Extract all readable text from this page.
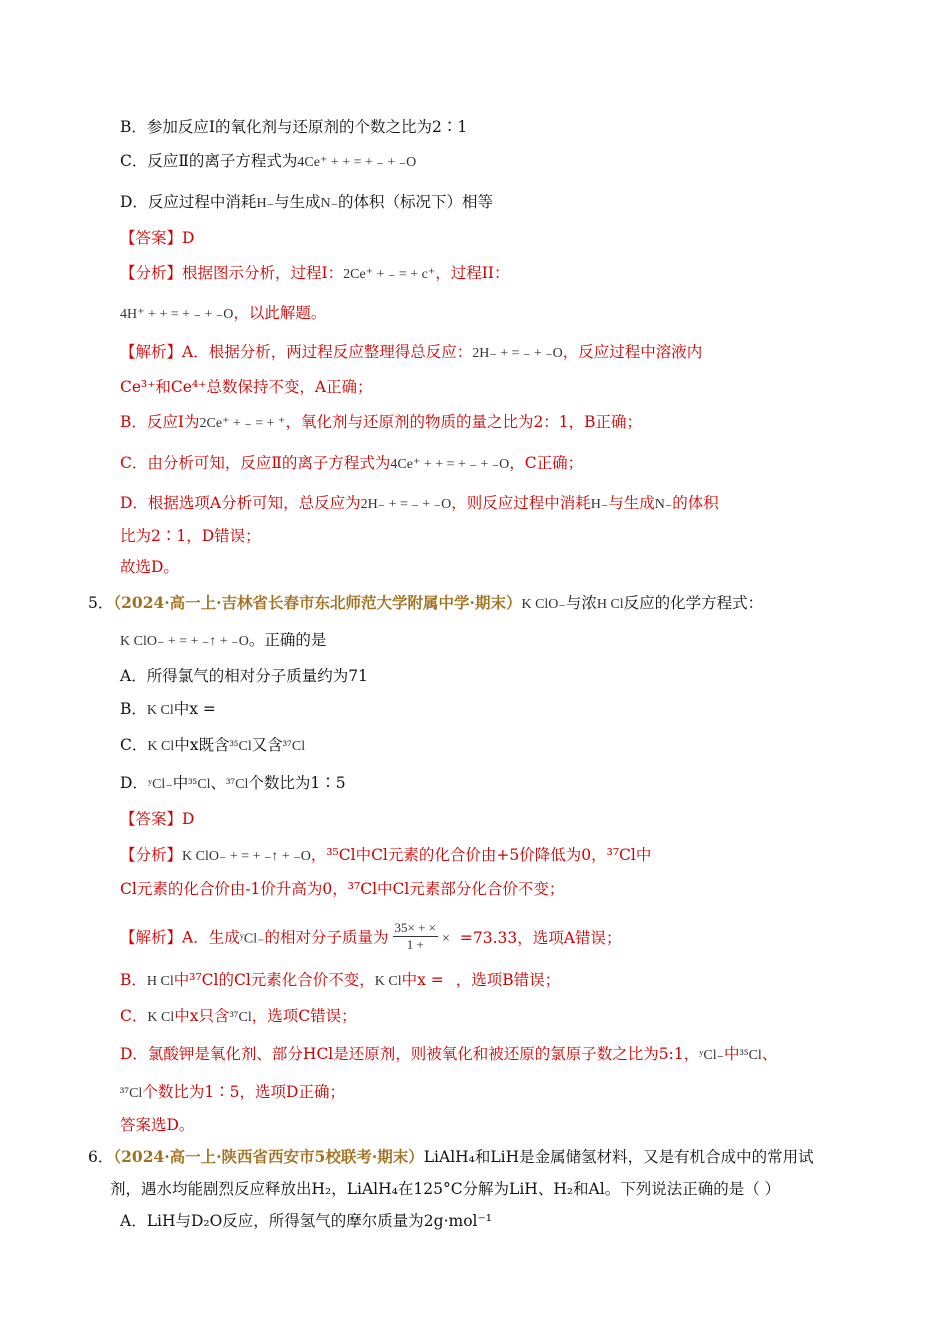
B．参加反应Ⅰ的氧化剂与还原剂的个数之比为2∶1
C．反应Ⅱ的离子方程式为4Ce⁺ + + = + ₋ + ₋O
D．反应过程中消耗H₋与生成N₋的体积（标况下）相等
【答案】D
【分析】根据图示分析，过程I：2Ce⁺ + ₋ = + c⁺，过程II：
4H⁺ + + = + ₋ + ₋O，以此解题。
【解析】A．根据分析，两过程反应整理得总反应：2H₋ + = ₋ + ₋O，反应过程中溶液内
Ce³⁺和Ce⁴⁺总数保持不变，A正确；
B．反应Ⅰ为2Ce⁺ + ₋ = + ⁺，氧化剂与还原剂的物质的量之比为2：1，B正确；
C．由分析可知，反应Ⅱ的离子方程式为4Ce⁺ + + = + ₋ + ₋O，C正确；
D．根据选项A分析可知，总反应为2H₋ + = ₋ + ₋O，则反应过程中消耗H₋与生成N₋的体积
比为2∶1，D错误；
故选D。
5．（2024·高一上·吉林省长春市东北师范大学附属中学·期末）K ClO₋与浓H Cl反应的化学方程式：
K ClO₋ + = + ₋↑ + ₋O。正确的是
A．所得氯气的相对分子质量约为71
B．K Cl中x =
C．K Cl中x既含³⁵Cl又含³⁷Cl
D．ʸCl₋中³⁵Cl、³⁷Cl个数比为1∶5
【答案】D
【分析】K ClO₋ + = + ₋↑ + ₋O，³⁵Cl中Cl元素的化合价由+5价降低为0，³⁷Cl中
Cl元素的化合价由-1价升高为0，³⁷Cl中Cl元素部分化合价不变；
【解析】A．生成ʸCl₋的相对分子质量为 $\frac{35\times + \times}{1 +} \times =73.33$，选项A错误；
B．H Cl中³⁷Cl的Cl元素化合价不变，K Cl中x = ，选项B错误；
C．K Cl中x只含³⁷Cl，选项C错误；
D．氯酸钾是氧化剂、部分HCl是还原剂，则被氧化和被还原的氯原子数之比为5:1，ʸCl₋中³⁵Cl、
³⁷Cl个数比为1∶5，选项D正确；
答案选D。
6．（2024·高一上·陕西省西安市5校联考·期末）LiAlH₄和LiH是金属储氢材料，又是有机合成中的常用试
剂，遇水均能剧烈反应释放出H₂，LiAlH₄在125°C分解为LiH、H₂和Al。下列说法正确的是（ ）
A．LiH与D₂O反应，所得氢气的摩尔质量为2g·mol⁻¹
